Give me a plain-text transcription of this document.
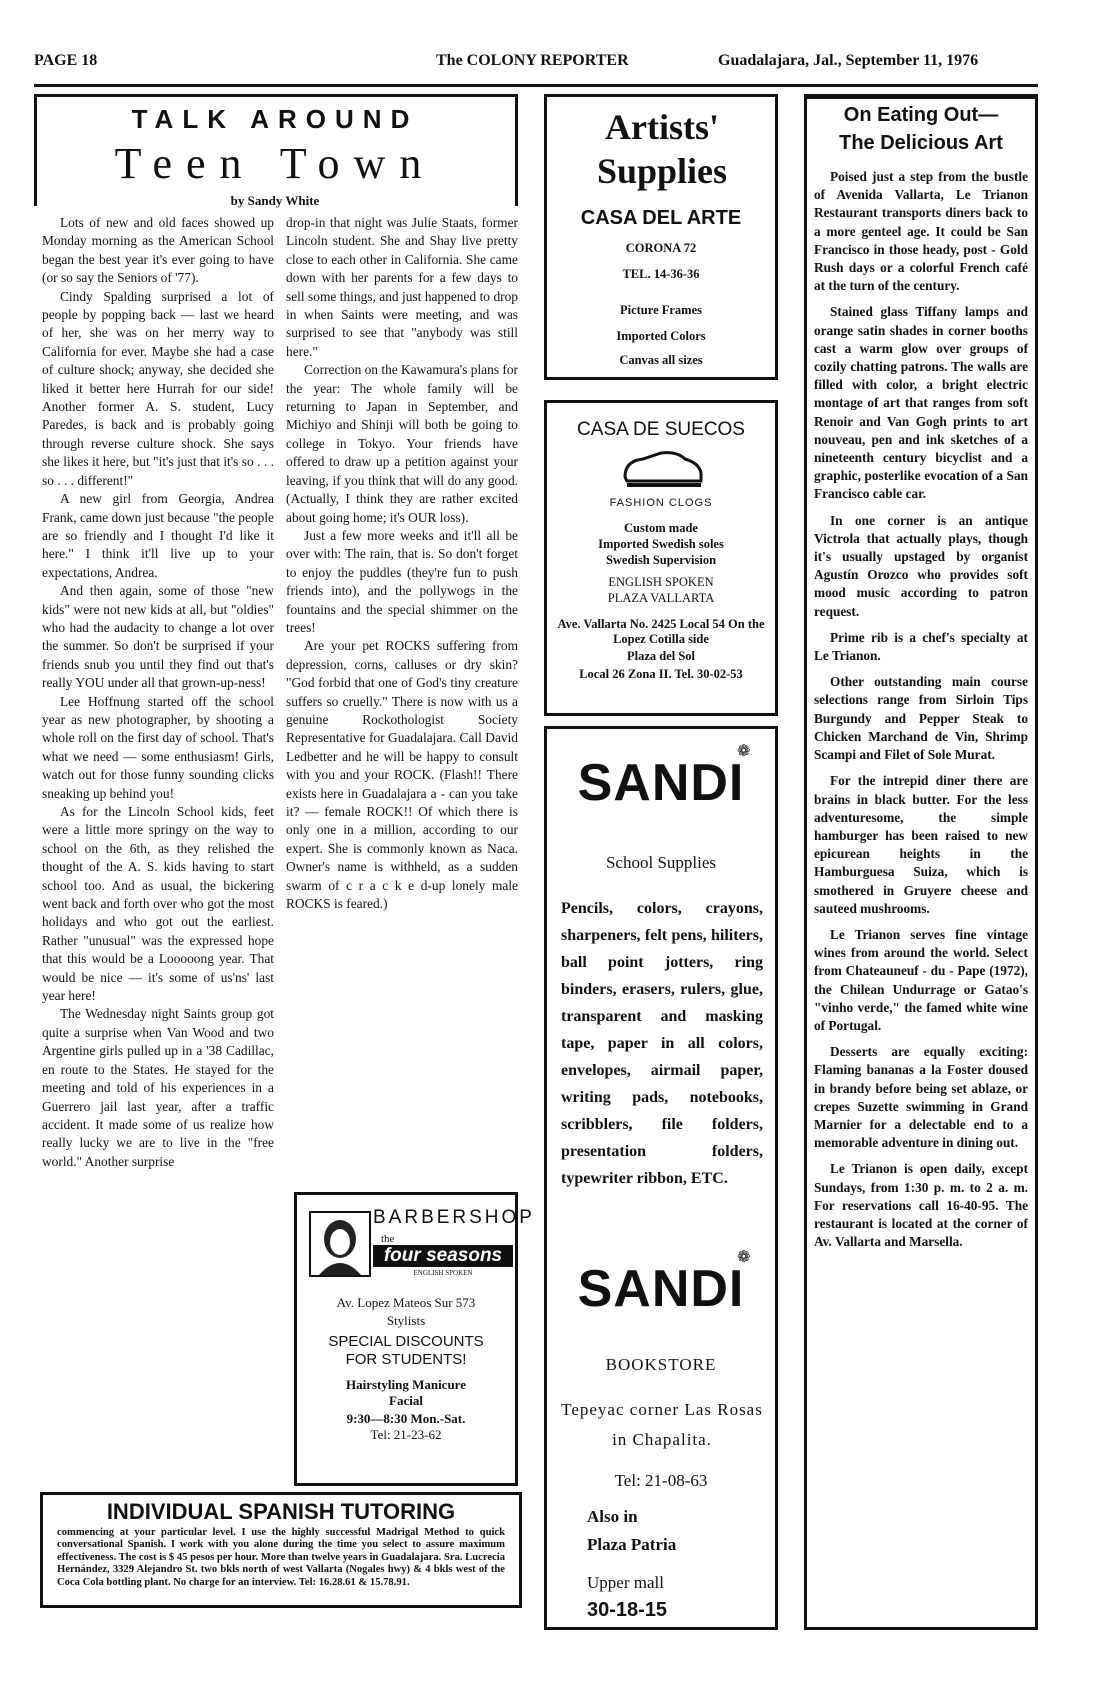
PAGE 18	The COLONY REPORTER	Guadalajara, Jal., September 11, 1976
TALK AROUND
Teen Town
by Sandy White

Lots of new and old faces showed up Monday morning as the American School began the best year it's ever going to have (or so say the Seniors of '77).

Cindy Spalding surprised a lot of people by popping back — last we heard of her, she was on her merry way to California for ever. Maybe she had a case of culture shock; anyway, she decided she liked it better here Hurrah for our side! Another former A. S. student, Lucy Paredes, is back and is probably going through reverse culture shock. She says she likes it here, but "it's just that it's so . . . so . . . different!"

A new girl from Georgia, Andrea Frank, came down just because "the people are so friendly and I thought I'd like it here." I think it'll live up to your expectations, Andrea.

And then again, some of those "new kids" were not new kids at all, but "oldies" who had the audacity to change a lot over the summer. So don't be surprised if your friends snub you until they find out that's really YOU under all that grown-up-ness!

Lee Hoffnung started off the school year as new photographer, by shooting a whole roll on the first day of school. That's what we need — some enthusiasm! Girls, watch out for those funny sounding clicks sneaking up behind you!

As for the Lincoln School kids, feet were a little more springy on the way to school on the 6th, as they relished the thought of the A. S. kids having to start school too. And as usual, the bickering went back and forth over who got the most holidays and who got out the earliest. Rather "unusual" was the expressed hope that this would be a Looooong year. That would be nice — it's some of us'ns' last year here!

The Wednesday night Saints group got quite a surprise when Van Wood and two Argentine girls pulled up in a '38 Cadillac, en route to the States. He stayed for the meeting and told of his experiences in a Guerrero jail last year, after a traffic accident. It made some of us realize how really lucky we are to live in the "free world." Another surprise

drop-in that night was Julie Staats, former Lincoln student. She and Shay live pretty close to each other in California. She came down with her parents for a few days to sell some things, and just happened to drop in when Saints were meeting, and was surprised to see that "anybody was still here."

Correction on the Kawamura's plans for the year: The whole family will be returning to Japan in September, and Michiyo and Shinji will both be going to college in Tokyo. Your friends have offered to draw up a petition against your leaving, if you think that will do any good. (Actually, I think they are rather excited about going home; it's OUR loss).

Just a few more weeks and it'll all be over with: The rain, that is. So don't forget to enjoy the puddles (they're fun to push friends into), and the pollywogs in the fountains and the special shimmer on the trees!

Are your pet ROCKS suffering from depression, corns, calluses or dry skin? "God forbid that one of God's tiny creature suffers so cruelly." There is now with us a genuine Rockothologist Society Representative for Guadalajara. Call David Ledbetter and he will be happy to consult with you and your ROCK. (Flash!! There exists here in Guadalajara a - can you take it? — female ROCK!! Of which there is only one in a million, according to our expert. She is commonly known as Naca. Owner's name is withheld, as a sudden swarm of c r a c k e d-up lonely male ROCKS is feared.)

BARBERSHOP
the
four seasons
ENGLISH SPOKEN
Av. Lopez Mateos Sur 573
Stylists
SPECIAL DISCOUNTS FOR STUDENTS!
Hairstyling Manicure
Facial
9:30—8:30 Mon.-Sat.
Tel: 21-23-62
INDIVIDUAL SPANISH TUTORING
commencing at your particular level. I use the highly successful Madrigal Method to quick conversational Spanish. I work with you alone during the time you select to assure maximum effectiveness. The cost is $ 45 pesos per hour. More than twelve years in Guadalajara. Sra. Lucrecia Hernández, 3329 Alejandro St. two bkls north of west Vallarta (Nogales hwy) & 4 bkls west of the Coca Cola bottling plant. No charge for an interview. Tel: 16.28.61 & 15.78.91.
Artists' Supplies
CASA DEL ARTE
CORONA 72
TEL. 14-36-36
Picture Frames
Imported Colors
Canvas all sizes
CASA DE SUECOS
FASHION CLOGS
Custom made
Imported Swedish soles
Swedish Supervision
ENGLISH SPOKEN
PLAZA VALLARTA
Ave. Vallarta No. 2425 Local 54 On the Lopez Cotilla side
Plaza del Sol
Local 26 Zona II. Tel. 30-02-53
SANDI
❁
School Supplies
Pencils, colors, crayons, sharpeners, felt pens, hiliters, ball point jotters, ring binders, erasers, rulers, glue, transparent and masking tape, paper in all colors, envelopes, airmail paper, writing pads, notebooks, scribblers, file folders, presentation folders, typewriter ribbon, ETC.
SANDI
❁
BOOKSTORE
Tepeyac corner Las Rosas in Chapalita.
Tel: 21-08-63
Also in
Plaza Patria
Upper mall
30-18-15
On Eating Out—
The Delicious Art

Poised just a step from the bustle of Avenida Vallarta, Le Trianon Restaurant transports diners back to a more genteel age. It could be San Francisco in those heady, post - Gold Rush days or a colorful French café at the turn of the century.

Stained glass Tiffany lamps and orange satin shades in corner booths cast a warm glow over groups of cozily chatting patrons. The walls are filled with color, a bright electric montage of art that ranges from soft Renoir and Van Gogh prints to art nouveau, pen and ink sketches of a nineteenth century bicyclist and a graphic, posterlike evocation of a San Francisco cable car.

In one corner is an antique Victrola that actually plays, though it's usually upstaged by organist Agustín Orozco who provides soft mood music according to patron request.

Prime rib is a chef's specialty at Le Trianon.

Other outstanding main course selections range from Sirloin Tips Burgundy and Pepper Steak to Chicken Marchand de Vin, Shrimp Scampi and Filet of Sole Murat.

For the intrepid diner there are brains in black butter. For the less adventuresome, the simple hamburger has been raised to new epicurean heights in the Hamburguesa Suiza, which is smothered in Gruyere cheese and sauteed mushrooms.

Le Trianon serves fine vintage wines from around the world. Select from Chateauneuf - du - Pape (1972), the Chilean Undurrage or Gatao's "vinho verde," the famed white wine of Portugal.

Desserts are equally exciting: Flaming bananas a la Foster doused in brandy before being set ablaze, or crepes Suzette swimming in Grand Marnier for a delectable end to a memorable adventure in dining out.

Le Trianon is open daily, except Sundays, from 1:30 p. m. to 2 a. m. For reservations call 16-40-95. The restaurant is located at the corner of Av. Vallarta and Marsella.
